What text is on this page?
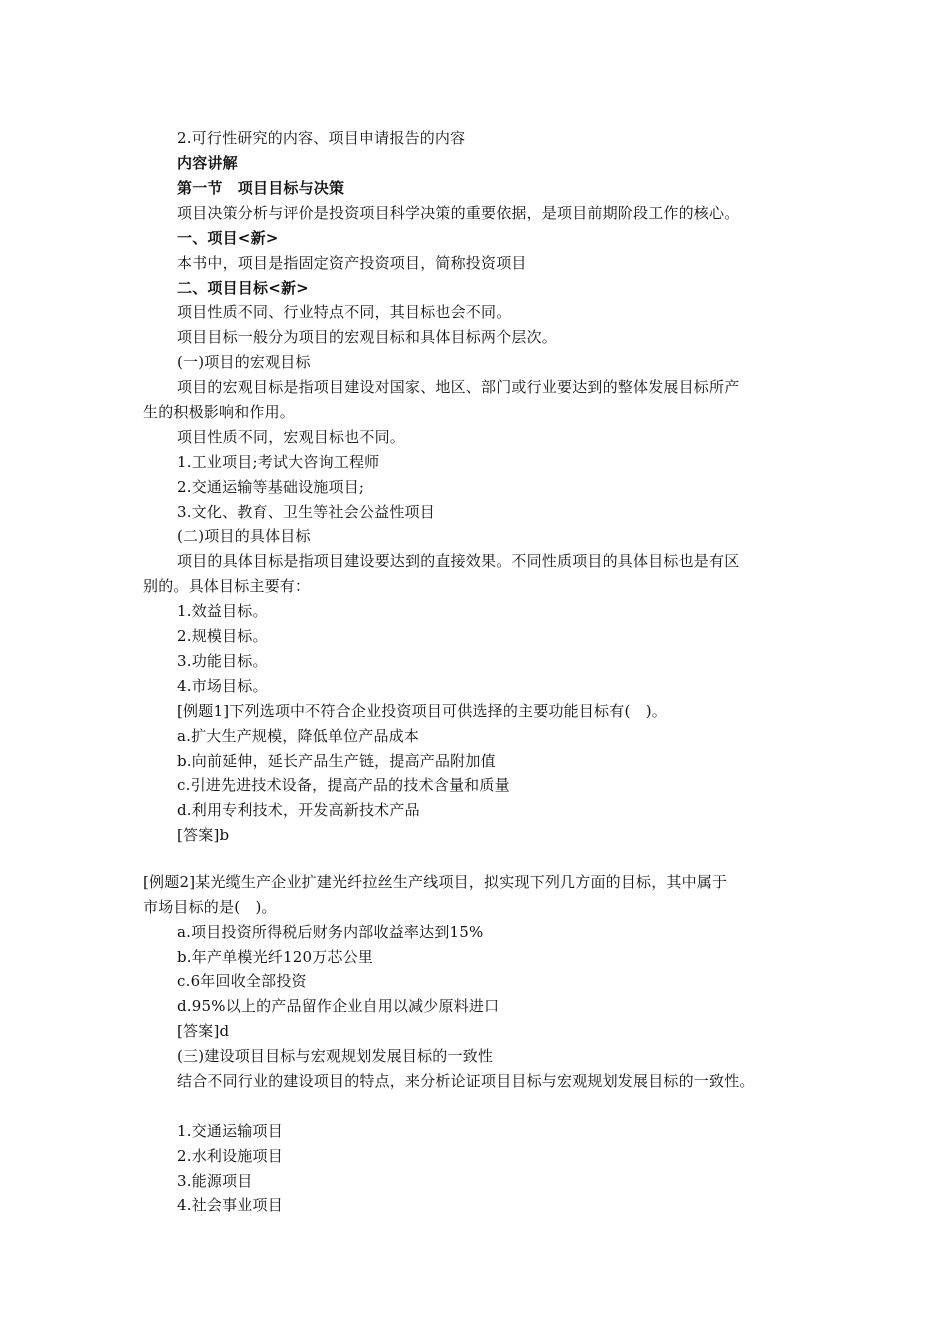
2.可行性研究的内容、项目申请报告的内容
内容讲解
第一节　项目目标与决策
项目决策分析与评价是投资项目科学决策的重要依据，是项目前期阶段工作的核心。
一、项目<新>
本书中，项目是指固定资产投资项目，简称投资项目
二、项目目标<新>
项目性质不同、行业特点不同，其目标也会不同。
项目目标一般分为项目的宏观目标和具体目标两个层次。
(一)项目的宏观目标
项目的宏观目标是指项目建设对国家、地区、部门或行业要达到的整体发展目标所产
生的积极影响和作用。
项目性质不同，宏观目标也不同。
1.工业项目;考试大咨询工程师
2.交通运输等基础设施项目;
3.文化、教育、卫生等社会公益性项目
(二)项目的具体目标
项目的具体目标是指项目建设要达到的直接效果。不同性质项目的具体目标也是有区
别的。具体目标主要有：
1.效益目标。
2.规模目标。
3.功能目标。
4.市场目标。
[例题1]下列选项中不符合企业投资项目可供选择的主要功能目标有(　)。
a.扩大生产规模，降低单位产品成本
b.向前延伸，延长产品生产链，提高产品附加值
c.引进先进技术设备，提高产品的技术含量和质量
d.利用专利技术，开发高新技术产品
[答案]b
[例题2]某光缆生产企业扩建光纤拉丝生产线项目，拟实现下列几方面的目标，其中属于
市场目标的是(　)。
a.项目投资所得税后财务内部收益率达到15%
b.年产单模光纤120万芯公里
c.6年回收全部投资
d.95%以上的产品留作企业自用以减少原料进口
[答案]d
(三)建设项目目标与宏观规划发展目标的一致性
结合不同行业的建设项目的特点，来分析论证项目目标与宏观规划发展目标的一致性。
1.交通运输项目
2.水利设施项目
3.能源项目
4.社会事业项目
